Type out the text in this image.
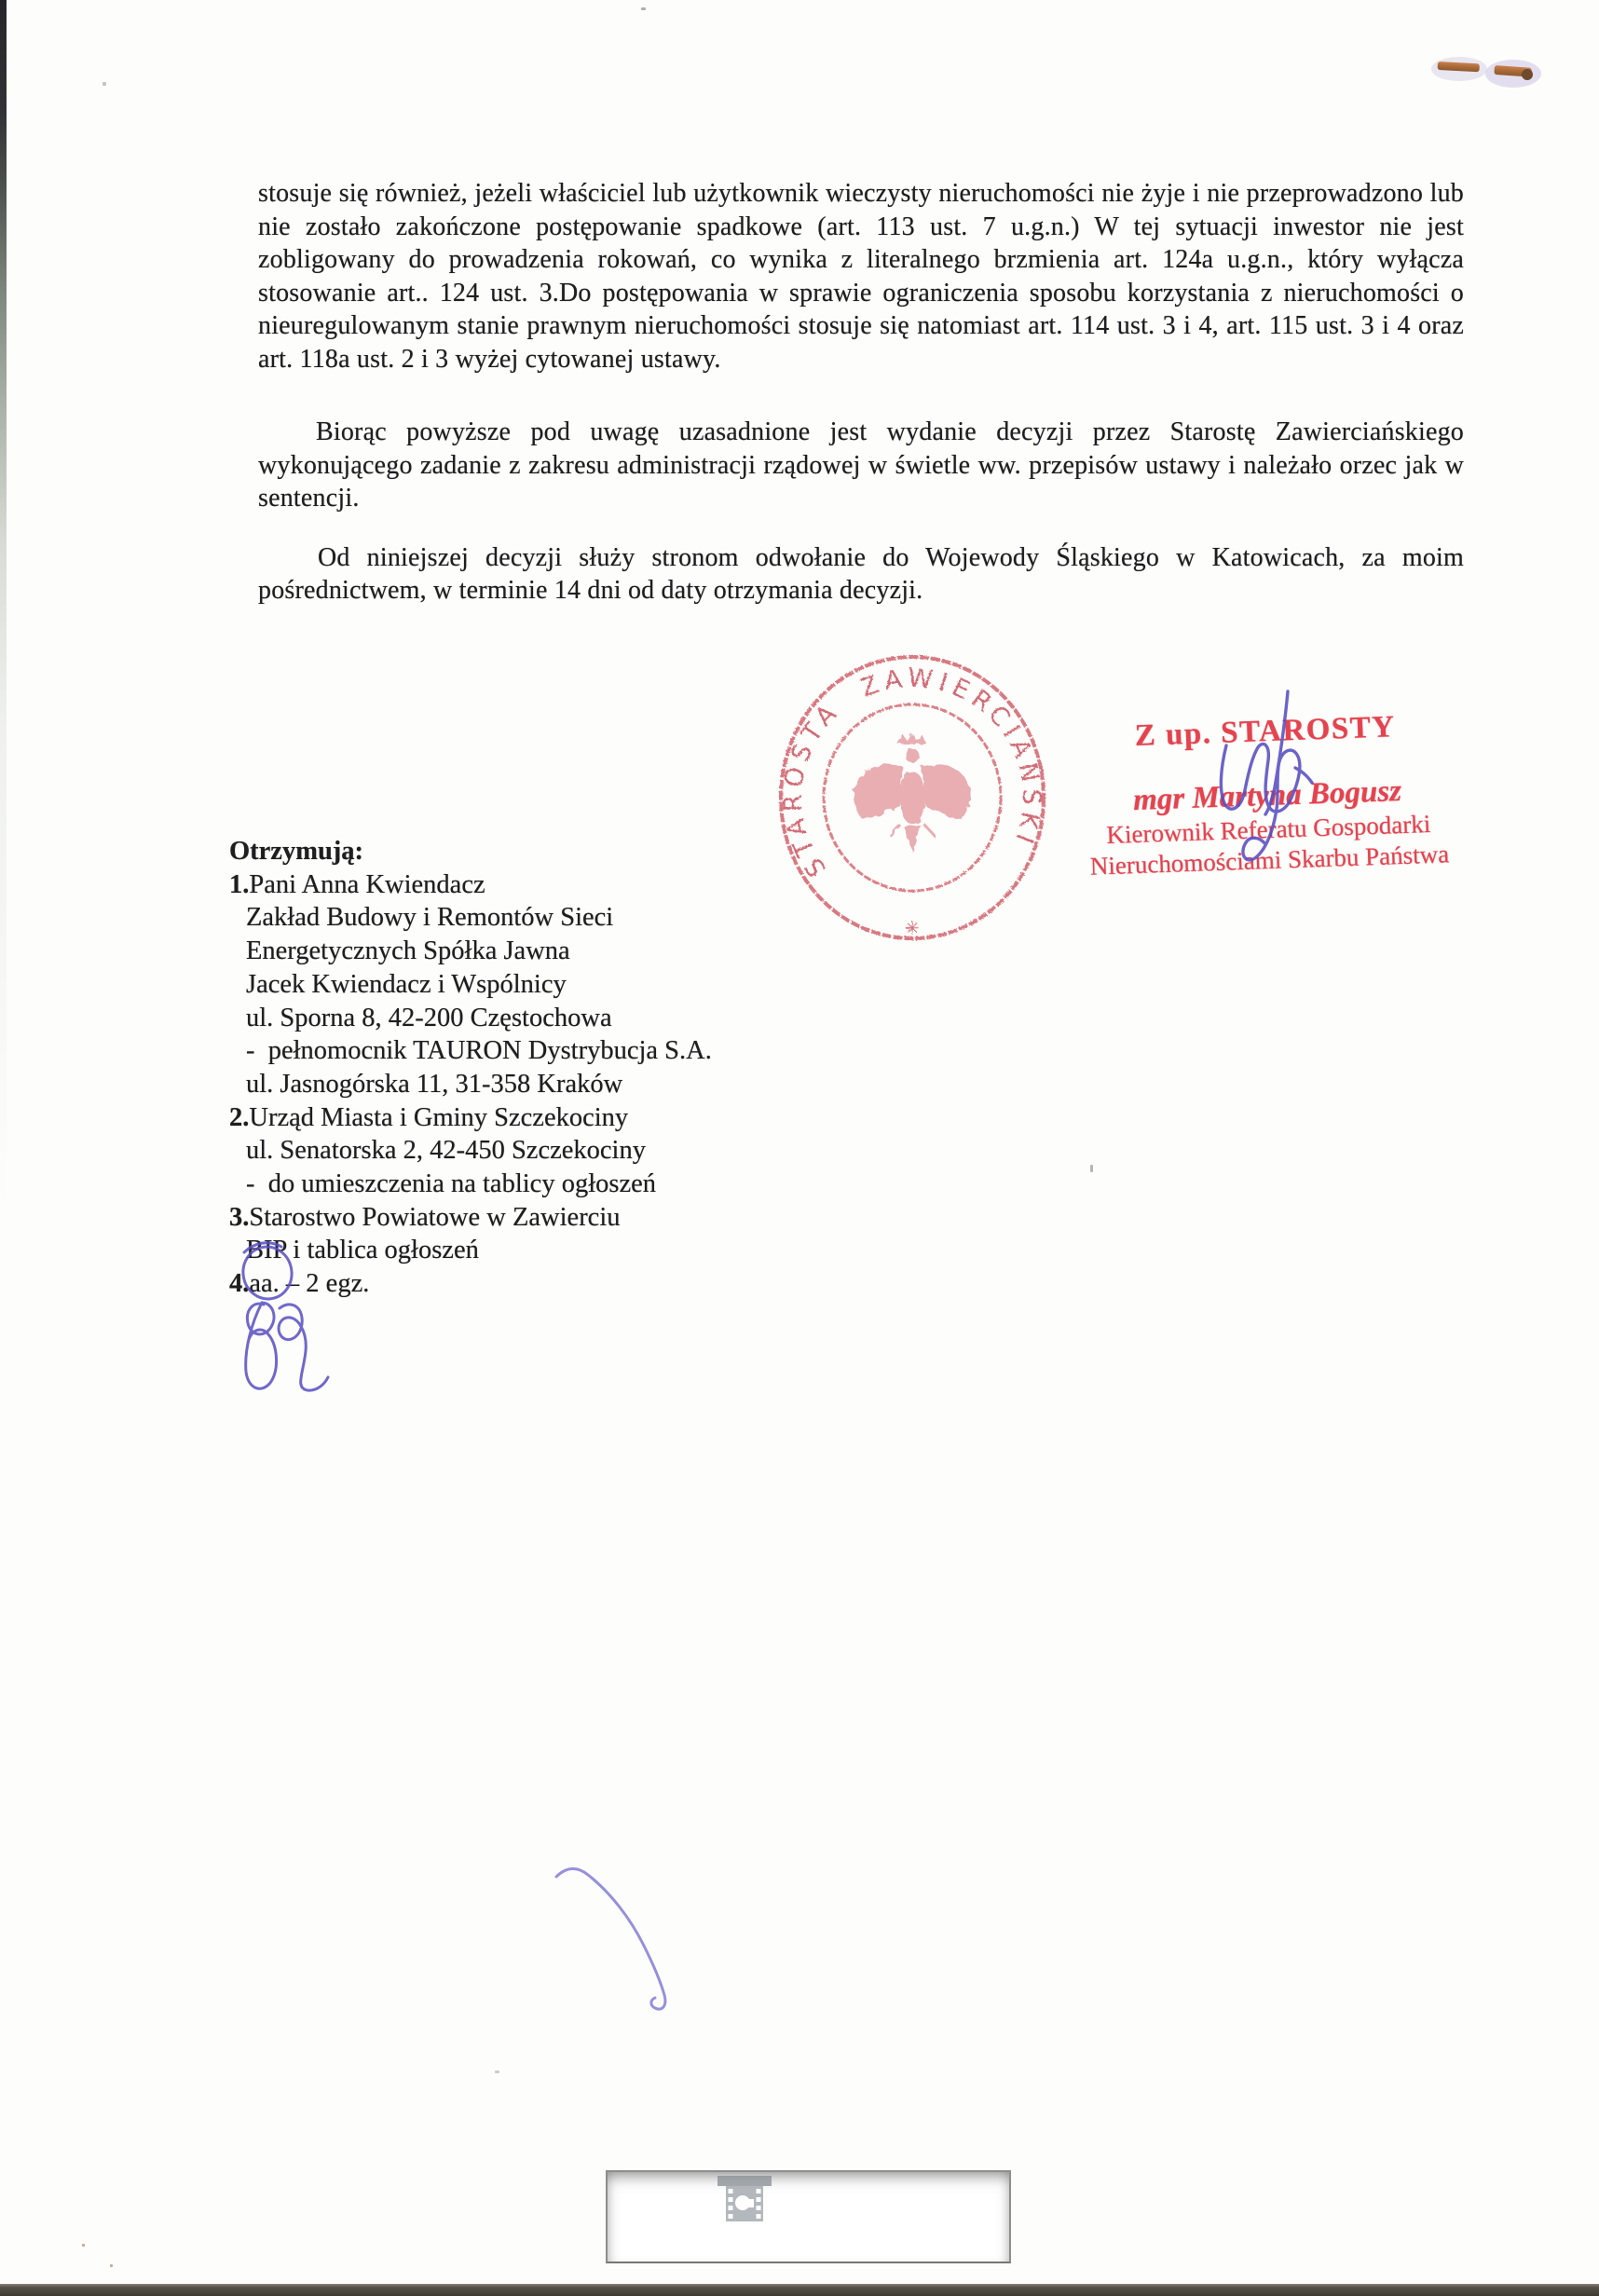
stosuje się również, jeżeli właściciel lub użytkownik wieczysty nieruchomości nie żyje i nie przeprowadzono lub nie zostało zakończone postępowanie spadkowe (art. 113 ust. 7 u.g.n.) W tej sytuacji inwestor nie jest zobligowany do prowadzenia rokowań, co wynika z literalnego brzmienia art. 124a u.g.n., który wyłącza stosowanie art.. 124 ust. 3.Do postępowania w sprawie ograniczenia sposobu korzystania z nieruchomości o nieuregulowanym stanie prawnym nieruchomości stosuje się natomiast art. 114 ust. 3 i 4, art. 115 ust. 3 i 4 oraz art. 118a ust. 2 i 3 wyżej cytowanej ustawy.

Biorąc powyższe pod uwagę uzasadnione jest wydanie decyzji przez Starostę Zawierciańskiego wykonującego zadanie z zakresu administracji rządowej w świetle ww. przepisów ustawy i należało orzec jak w sentencji.

Od niniejszej decyzji służy stronom odwołanie do Wojewody Śląskiego w Katowicach, za moim pośrednictwem, w terminie 14 dni od daty otrzymania decyzji.

STAROSTA ZAWIERCIAŃSKI
✳
Z up. STAROSTY
mgr Martyna Bogusz
Kierownik Referatu Gospodarki
Nieruchomościami Skarbu Państwa
Otrzymują:
1.Pani Anna Kwiendacz
Zakład Budowy i Remontów Sieci
Energetycznych Spółka Jawna
Jacek Kwiendacz i Wspólnicy
ul. Sporna 8, 42-200 Częstochowa
-  pełnomocnik TAURON Dystrybucja S.A.
ul. Jasnogórska 11, 31-358 Kraków
2.Urząd Miasta i Gminy Szczekociny
ul. Senatorska 2, 42-450 Szczekociny
-  do umieszczenia na tablicy ogłoszeń
3.Starostwo Powiatowe w Zawierciu
BIP i tablica ogłoszeń
4.aa. – 2 egz.
